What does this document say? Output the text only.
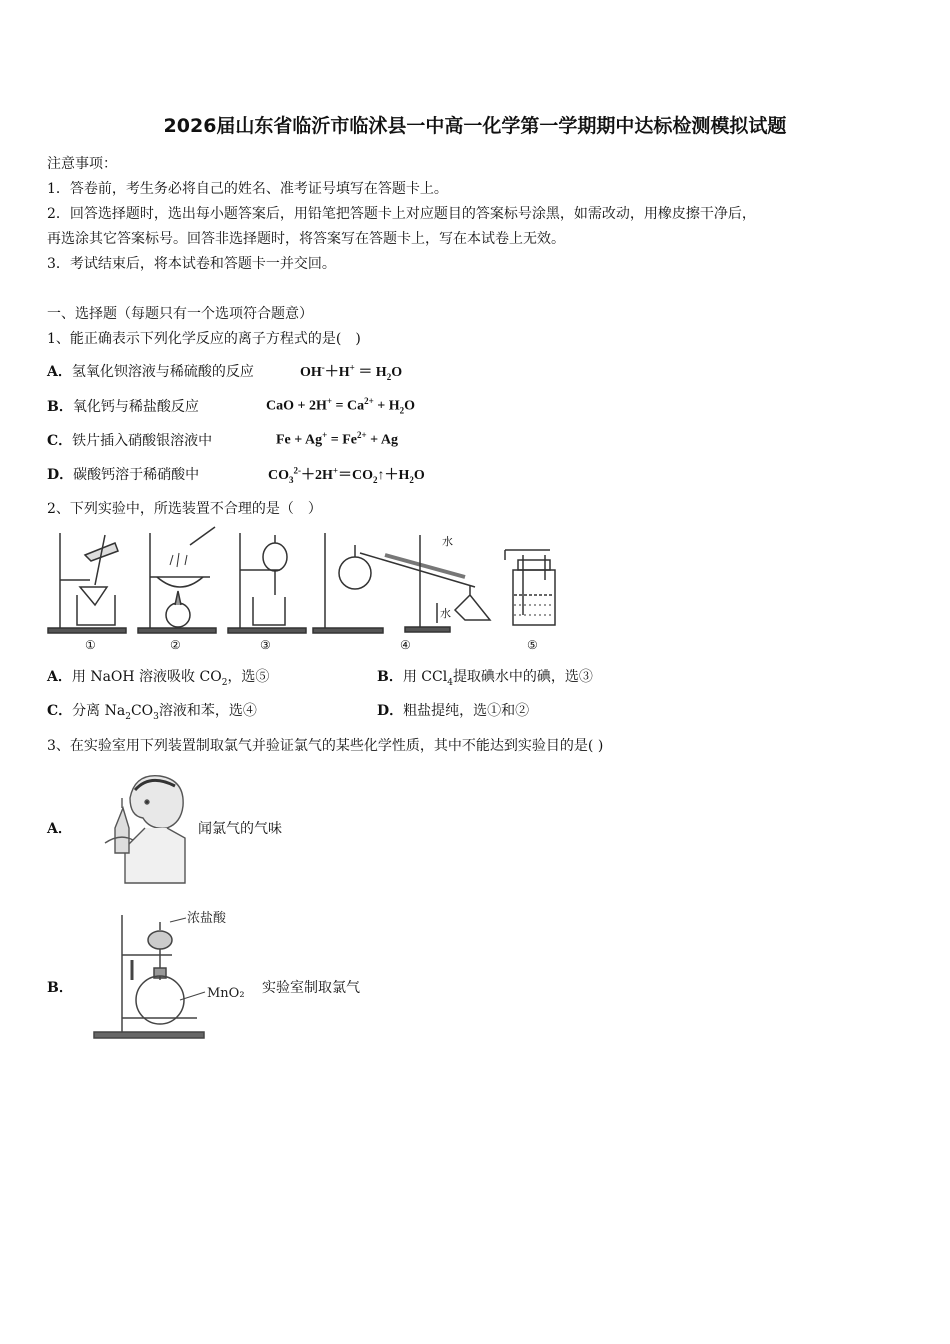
2026届山东省临沂市临沭县一中高一化学第一学期期中达标检测模拟试题
注意事项：
1．答卷前，考生务必将自己的姓名、准考证号填写在答题卡上。
2．回答选择题时，选出每小题答案后，用铅笔把答题卡上对应题目的答案标号涂黑，如需改动，用橡皮擦干净后，
再选涂其它答案标号。回答非选择题时，将答案写在答题卡上，写在本试卷上无效。
3．考试结束后，将本试卷和答题卡一并交回。
一、选择题（每题只有一个选项符合题意）
1、能正确表示下列化学反应的离子方程式的是(　)
A．氢氧化钡溶液与稀硫酸的反应	$OH^-+H^+ = H_2O$
B．氧化钙与稀盐酸反应	CaO + $2H^+ = Ca^{2+} + H_2O$
C．铁片插入硝酸银溶液中	$Fe + Ag^+ = Fe^{2+} + Ag$
D．碳酸钙溶于稀硝酸中	$CO_3^{2-}+2H^+=CO_2↑+H_2O$
2、下列实验中，所选装置不合理的是（　）
水
水
①	②	③	④	⑤
A．用 NaOH 溶液吸收 $CO_2$，选⑤	B．用 CCl$_4$提取碘水中的碘，选③
C．分离 $Na_2CO_3$溶液和苯，选④	D．粗盐提纯，选①和②
3、在实验室用下列装置制取氯气并验证氯气的某些化学性质，其中不能达到实验目的是( )
A．	闻氯气的气味
B．
浓盐酸
MnO₂ 实验室制取氯气
